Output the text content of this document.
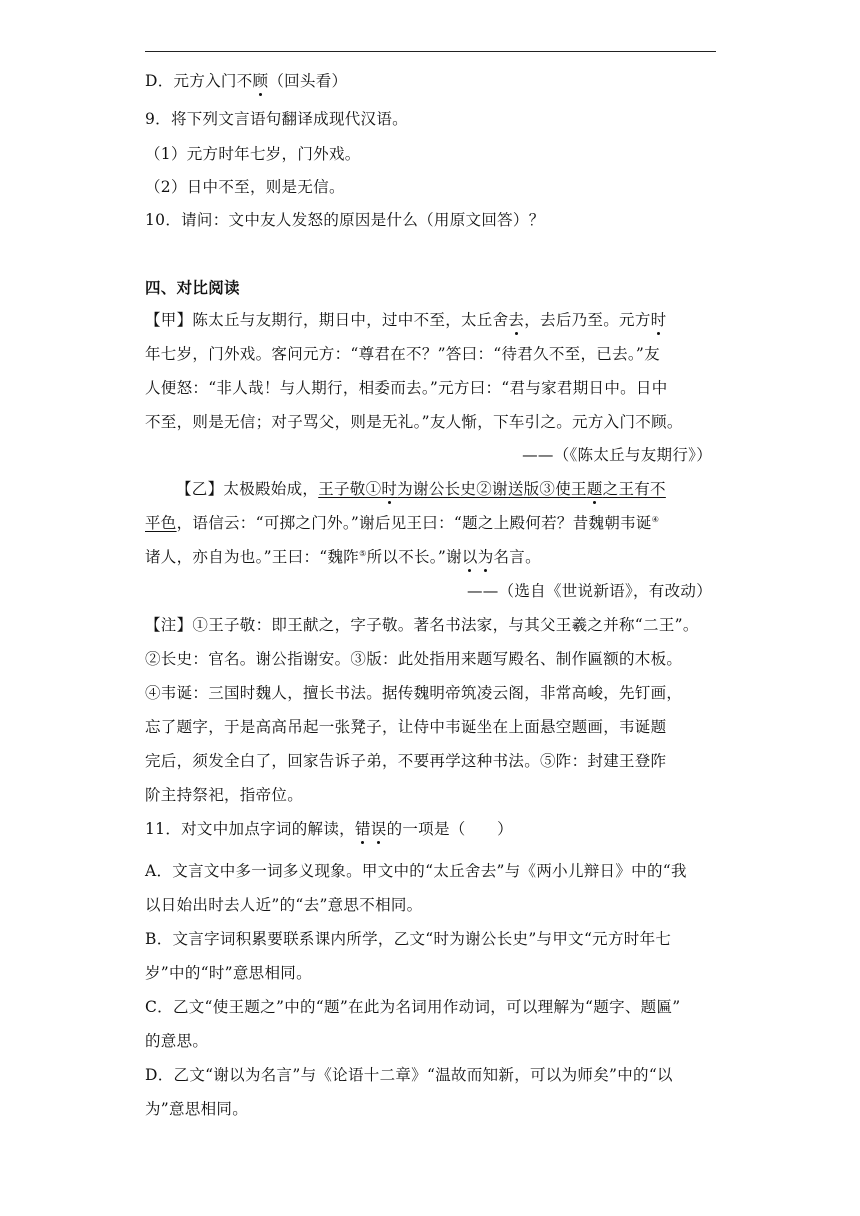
D．元方入门不顾（回头看）
9．将下列文言语句翻译成现代汉语。
（1）元方时年七岁，门外戏。
（2）日中不至，则是无信。
10．请问：文中友人发怒的原因是什么（用原文回答）？
四、对比阅读
【甲】陈太丘与友期行，期日中，过中不至，太丘舍去，去后乃至。元方时
年七岁，门外戏。客问元方：“尊君在不？”答曰：“待君久不至，已去。”友
人便怒：“非人哉！与人期行，相委而去。”元方曰：“君与家君期日中。日中
不至，则是无信；对子骂父，则是无礼。”友人惭，下车引之。元方入门不顾。
——（《陈太丘与友期行》）
【乙】太极殿始成，王子敬①时为谢公长史②谢送版③使王题之王有不
平色，语信云：“可掷之门外。”谢后见王曰：“题之上殿何若？昔魏朝韦诞④
诸人，亦自为也。”王曰：“魏阼⑤所以不长。”谢以为名言。
——（选自《世说新语》，有改动）
【注】①王子敬：即王献之，字子敬。著名书法家，与其父王羲之并称“二王”。
②长史：官名。谢公指谢安。③版：此处指用来题写殿名、制作匾额的木板。
④韦诞：三国时魏人，擅长书法。据传魏明帝筑凌云阁，非常高峻，先钉画，
忘了题字，于是高高吊起一张凳子，让侍中韦诞坐在上面悬空题画，韦诞题
完后，须发全白了，回家告诉子弟，不要再学这种书法。⑤阼：封建王登阼
阶主持祭祀，指帝位。
11．对文中加点字词的解读，错误的一项是（　　）
A．文言文中多一词多义现象。甲文中的“太丘舍去”与《两小儿辩日》中的“我
以日始出时去人近”的“去”意思不相同。
B．文言字词积累要联系课内所学，乙文“时为谢公长史”与甲文“元方时年七
岁”中的“时”意思相同。
C．乙文“使王题之”中的“题”在此为名词用作动词，可以理解为“题字、题匾”
的意思。
D．乙文“谢以为名言”与《论语十二章》“温故而知新，可以为师矣”中的“以
为”意思相同。
